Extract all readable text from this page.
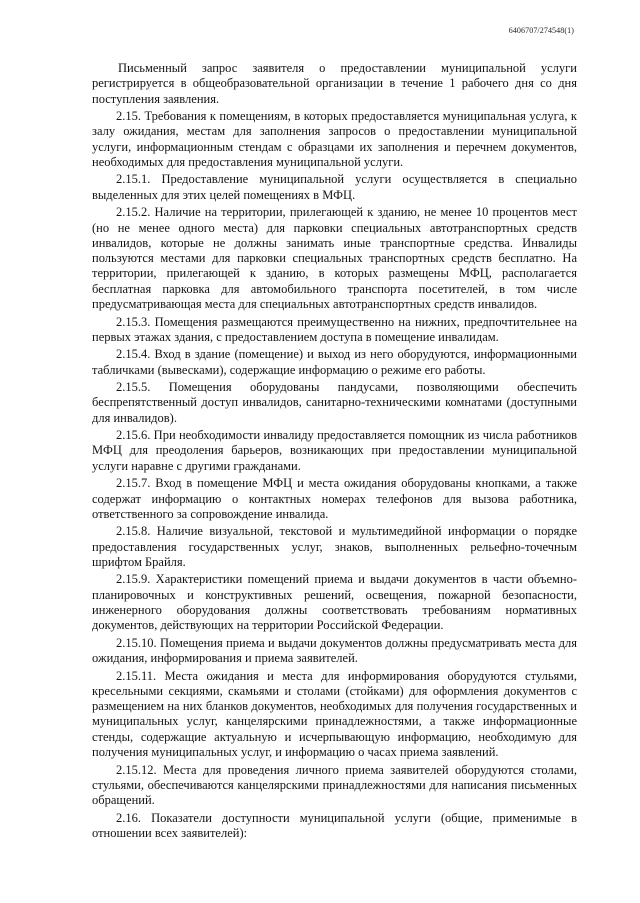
6406707/274548(1)

Письменный запрос заявителя о предоставлении муниципальной услуги регистрируется в общеобразовательной организации в течение 1 рабочего дня со дня поступления заявления.

2.15. Требования к помещениям, в которых предоставляется муниципальная услуга, к залу ожидания, местам для заполнения запросов о предоставлении муниципальной услуги, информационным стендам с образцами их заполнения и перечнем документов, необходимых для предоставления муниципальной услуги.

2.15.1. Предоставление муниципальной услуги осуществляется в специально выделенных для этих целей помещениях в МФЦ.

2.15.2. Наличие на территории, прилегающей к зданию, не менее 10 процентов мест (но не менее одного места) для парковки специальных автотранспортных средств инвалидов, которые не должны занимать иные транспортные средства. Инвалиды пользуются местами для парковки специальных транспортных средств бесплатно. На территории, прилегающей к зданию, в которых размещены МФЦ, располагается бесплатная парковка для автомобильного транспорта посетителей, в том числе предусматривающая места для специальных автотранспортных средств инвалидов.

2.15.3. Помещения размещаются преимущественно на нижних, предпочтительнее на первых этажах здания, с предоставлением доступа в помещение инвалидам.

2.15.4. Вход в здание (помещение) и выход из него оборудуются, информационными табличками (вывесками), содержащие информацию о режиме его работы.

2.15.5. Помещения оборудованы пандусами, позволяющими обеспечить беспрепятственный доступ инвалидов, санитарно-техническими комнатами (доступными для инвалидов).

2.15.6. При необходимости инвалиду предоставляется помощник из числа работников МФЦ для преодоления барьеров, возникающих при предоставлении муниципальной услуги наравне с другими гражданами.

2.15.7. Вход в помещение МФЦ и места ожидания оборудованы кнопками, а также содержат информацию о контактных номерах телефонов для вызова работника, ответственного за сопровождение инвалида.

2.15.8. Наличие визуальной, текстовой и мультимедийной информации о порядке предоставления государственных услуг, знаков, выполненных рельефно-точечным шрифтом Брайля.

2.15.9. Характеристики помещений приема и выдачи документов в части объемно-планировочных и конструктивных решений, освещения, пожарной безопасности, инженерного оборудования должны соответствовать требованиям нормативных документов, действующих на территории Российской Федерации.

2.15.10. Помещения приема и выдачи документов должны предусматривать места для ожидания, информирования и приема заявителей.

2.15.11. Места ожидания и места для информирования оборудуются стульями, кресельными секциями, скамьями и столами (стойками) для оформления документов с размещением на них бланков документов, необходимых для получения государственных и муниципальных услуг, канцелярскими принадлежностями, а также информационные стенды, содержащие актуальную и исчерпывающую информацию, необходимую для получения муниципальных услуг, и информацию о часах приема заявлений.

2.15.12. Места для проведения личного приема заявителей оборудуются столами, стульями, обеспечиваются канцелярскими принадлежностями для написания письменных обращений.

2.16. Показатели доступности муниципальной услуги (общие, применимые в отношении всех заявителей):
